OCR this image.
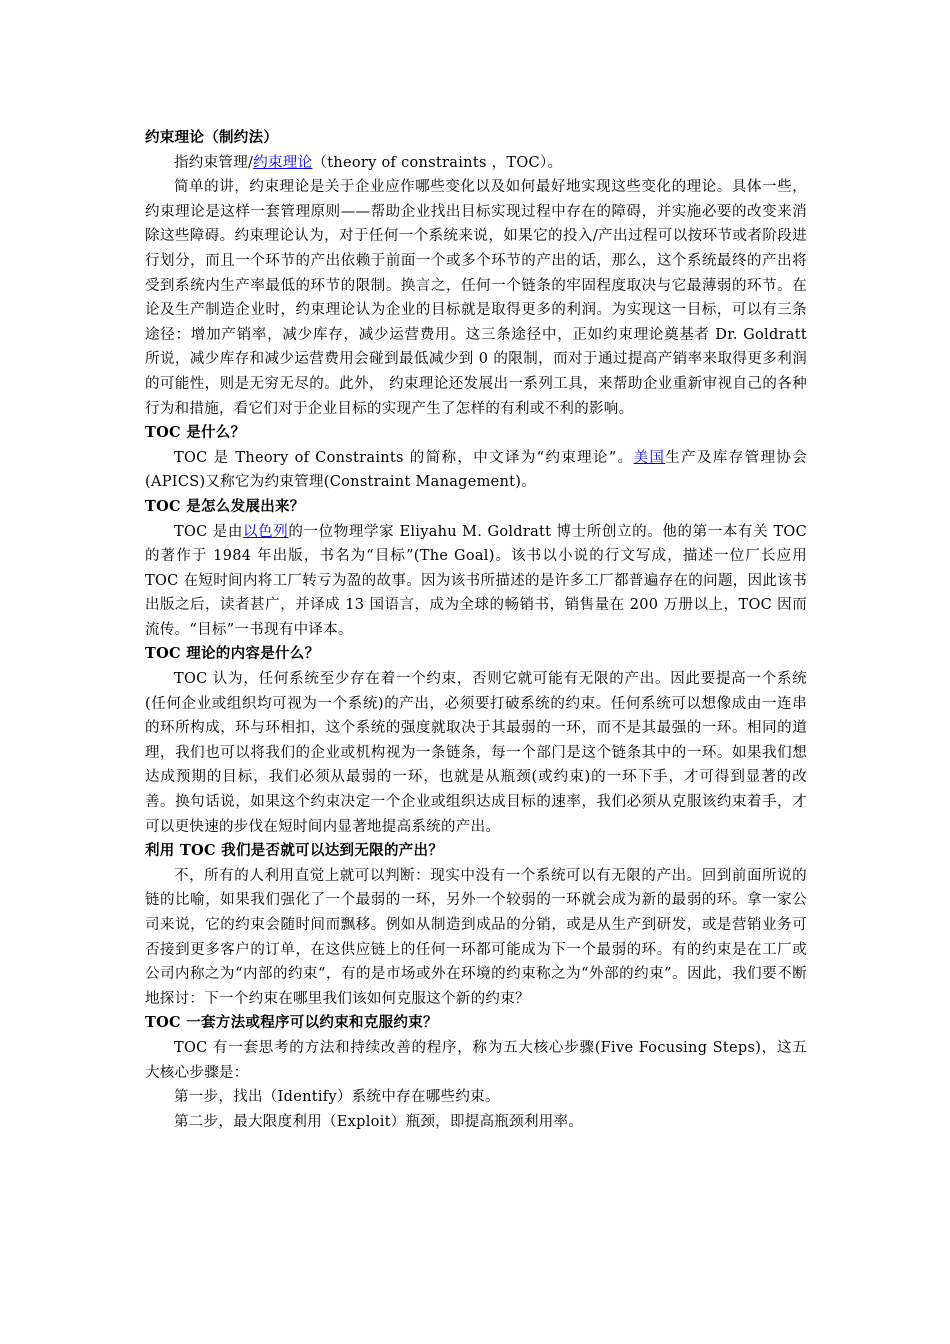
约束理论（制约法）

指约束管理/约束理论（theory of constraints ，TOC）。

简单的讲，约束理论是关于企业应作哪些变化以及如何最好地实现这些变化的理论。具体一些，约束理论是这样一套管理原则——帮助企业找出目标实现过程中存在的障碍，并实施必要的改变来消除这些障碍。约束理论认为，对于任何一个系统来说，如果它的投入/产出过程可以按环节或者阶段进行划分，而且一个环节的产出依赖于前面一个或多个环节的产出的话，那么，这个系统最终的产出将受到系统内生产率最低的环节的限制。换言之，任何一个链条的牢固程度取决与它最薄弱的环节。在论及生产制造企业时，约束理论认为企业的目标就是取得更多的利润。为实现这一目标，可以有三条途径：增加产销率，减少库存，减少运营费用。这三条途径中，正如约束理论奠基者 Dr. Goldratt 所说，减少库存和减少运营费用会碰到最低减少到 0 的限制，而对于通过提高产销率来取得更多利润的可能性，则是无穷无尽的。此外， 约束理论还发展出一系列工具，来帮助企业重新审视自己的各种行为和措施，看它们对于企业目标的实现产生了怎样的有利或不利的影响。

TOC 是什么？

TOC 是 Theory of Constraints 的简称，中文译为“约束理论”。美国生产及库存管理协会(APICS)又称它为约束管理(Constraint Management)。

TOC 是怎么发展出来？

TOC 是由以色列的一位物理学家 Eliyahu M. Goldratt 博士所创立的。他的第一本有关 TOC 的著作于 1984 年出版，书名为“目标”(The Goal)。该书以小说的行文写成，描述一位厂长应用 TOC 在短时间内将工厂转亏为盈的故事。因为该书所描述的是许多工厂都普遍存在的问题，因此该书出版之后，读者甚广，并译成 13 国语言，成为全球的畅销书，销售量在 200 万册以上，TOC 因而流传。“目标”一书现有中译本。

TOC 理论的内容是什么？

TOC 认为，任何系统至少存在着一个约束，否则它就可能有无限的产出。因此要提高一个系统 (任何企业或组织均可视为一个系统)的产出，必须要打破系统的约束。任何系统可以想像成由一连串的环所构成，环与环相扣，这个系统的强度就取决于其最弱的一环，而不是其最强的一环。相同的道理，我们也可以将我们的企业或机构视为一条链条，每一个部门是这个链条其中的一环。如果我们想达成预期的目标，我们必须从最弱的一环，也就是从瓶颈(或约束)的一环下手，才可得到显著的改善。换句话说，如果这个约束决定一个企业或组织达成目标的速率，我们必须从克服该约束着手，才可以更快速的步伐在短时间内显著地提高系统的产出。

利用 TOC 我们是否就可以达到无限的产出？

不，所有的人利用直觉上就可以判断：现实中没有一个系统可以有无限的产出。回到前面所说的链的比喻，如果我们强化了一个最弱的一环，另外一个较弱的一环就会成为新的最弱的环。拿一家公司来说，它的约束会随时间而飘移。例如从制造到成品的分销，或是从生产到研发，或是营销业务可否接到更多客户的订单，在这供应链上的任何一环都可能成为下一个最弱的环。有的约束是在工厂或公司内称之为“内部的约束“，有的是市场或外在环境的约束称之为“外部的约束”。因此，我们要不断地探讨：下一个约束在哪里我们该如何克服这个新的约束？

TOC 一套方法或程序可以约束和克服约束？

TOC 有一套思考的方法和持续改善的程序，称为五大核心步骤(Five Focusing Steps)，这五大核心步骤是：

第一步，找出（Identify）系统中存在哪些约束。

第二步，最大限度利用（Exploit）瓶颈，即提高瓶颈利用率。
